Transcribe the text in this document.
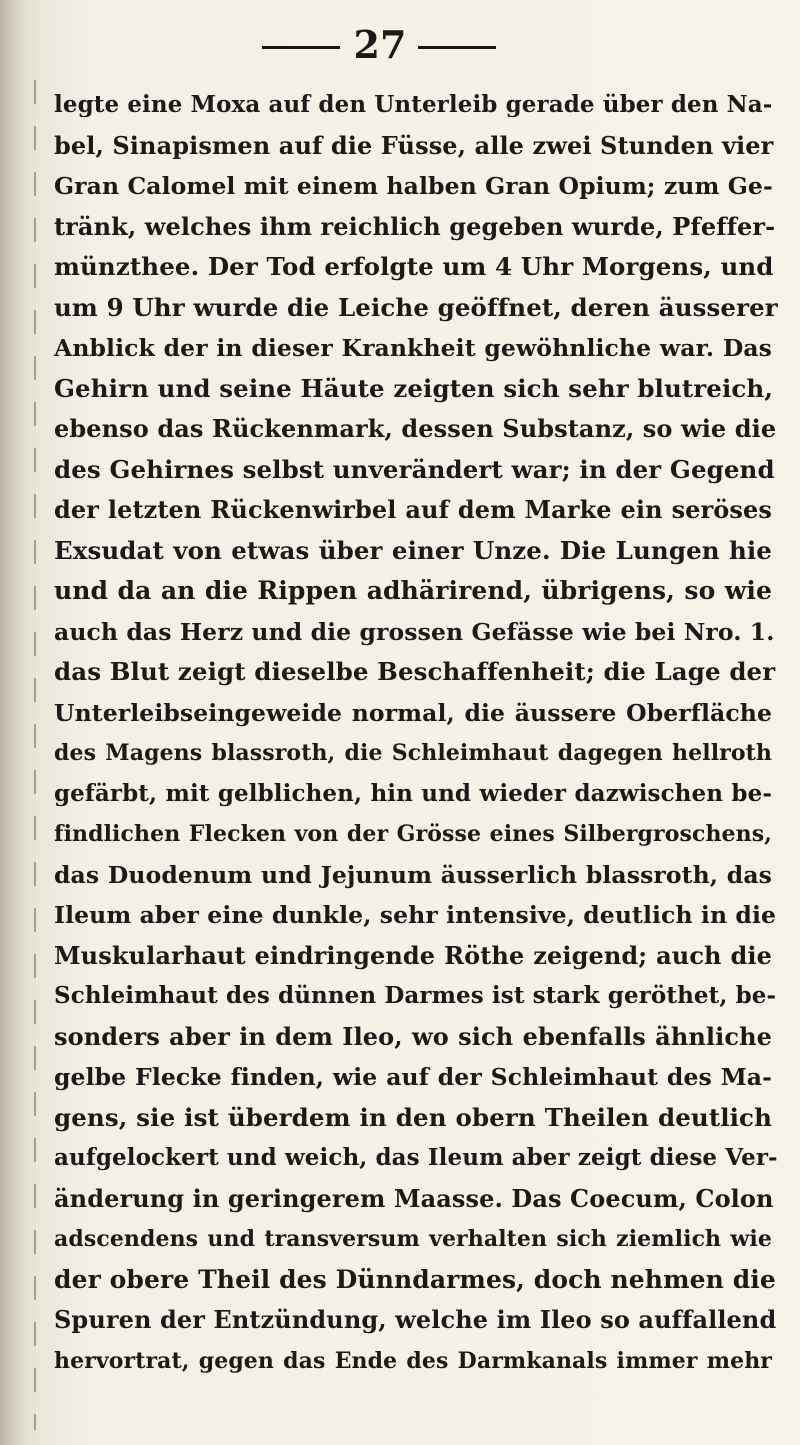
27
legte eine Moxa auf den Unterleib gerade über den Na-
bel, Sinapismen auf die Füsse, alle zwei Stunden vier
Gran Calomel mit einem halben Gran Opium; zum Ge-
tränk, welches ihm reichlich gegeben wurde, Pfeffer-
münzthee. Der Tod erfolgte um 4 Uhr Morgens, und
um 9 Uhr wurde die Leiche geöffnet, deren äusserer
Anblick der in dieser Krankheit gewöhnliche war. Das
Gehirn und seine Häute zeigten sich sehr blutreich,
ebenso das Rückenmark, dessen Substanz, so wie die
des Gehirnes selbst unverändert war; in der Gegend
der letzten Rückenwirbel auf dem Marke ein seröses
Exsudat von etwas über einer Unze. Die Lungen hie
und da an die Rippen adhärirend, übrigens, so wie
auch das Herz und die grossen Gefässe wie bei Nro. 1.
das Blut zeigt dieselbe Beschaffenheit; die Lage der
Unterleibseingeweide normal, die äussere Oberfläche
des Magens blassroth, die Schleimhaut dagegen hellroth
gefärbt, mit gelblichen, hin und wieder dazwischen be-
findlichen Flecken von der Grösse eines Silbergroschens,
das Duodenum und Jejunum äusserlich blassroth, das
Ileum aber eine dunkle, sehr intensive, deutlich in die
Muskularhaut eindringende Röthe zeigend; auch die
Schleimhaut des dünnen Darmes ist stark geröthet, be-
sonders aber in dem Ileo, wo sich ebenfalls ähnliche
gelbe Flecke finden, wie auf der Schleimhaut des Ma-
gens, sie ist überdem in den obern Theilen deutlich
aufgelockert und weich, das Ileum aber zeigt diese Ver-
änderung in geringerem Maasse. Das Coecum, Colon
adscendens und transversum verhalten sich ziemlich wie
der obere Theil des Dünndarmes, doch nehmen die
Spuren der Entzündung, welche im Ileo so auffallend
hervortrat, gegen das Ende des Darmkanals immer mehr
